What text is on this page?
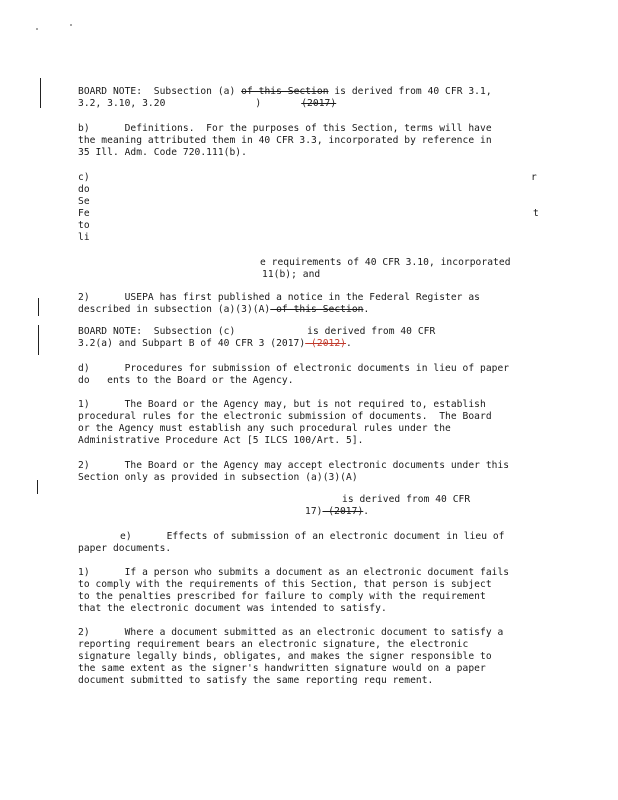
BOARD NOTE:  Subsection (a) of this Section is derived from 40 CFR 3.1,
3.2, 3.10, 3.20	)	(2017)
b)      Definitions.  For the purposes of this Section, terms will have
the meaning attributed them in 40 CFR 3.3, incorporated by reference in
35 Ill. Adm. Code 720.111(b).
c)
do
Se
Fe
to
li
r
t
e requirements of 40 CFR 3.10, incorporated
11(b); and
2)      USEPA has first published a notice in the Federal Register as
described in subsection (a)(3)(A) of this Section.
BOARD NOTE:  Subsection (c)	is derived from 40 CFR
3.2(a) and Subpart B of 40 CFR 3 (2017) (2012).
d)      Procedures for submission of electronic documents in lieu of paper
do   ents to the Board or the Agency.
1)      The Board or the Agency may, but is not required to, establish
procedural rules for the electronic submission of documents.  The Board
or the Agency must establish any such procedural rules under the
Administrative Procedure Act [5 ILCS 100/Art. 5].
2)      The Board or the Agency may accept electronic documents under this
Section only as provided in subsection (a)(3)(A)
is derived from 40 CFR
17) (2017).
e)      Effects of submission of an electronic document in lieu of
paper documents.
1)      If a person who submits a document as an electronic document fails
to comply with the requirements of this Section, that person is subject
to the penalties prescribed for failure to comply with the requirement
that the electronic document was intended to satisfy.
2)      Where a document submitted as an electronic document to satisfy a
reporting requirement bears an electronic signature, the electronic
signature legally binds, obligates, and makes the signer responsible to
the same extent as the signer's handwritten signature would on a paper
document submitted to satisfy the same reporting requ rement.
